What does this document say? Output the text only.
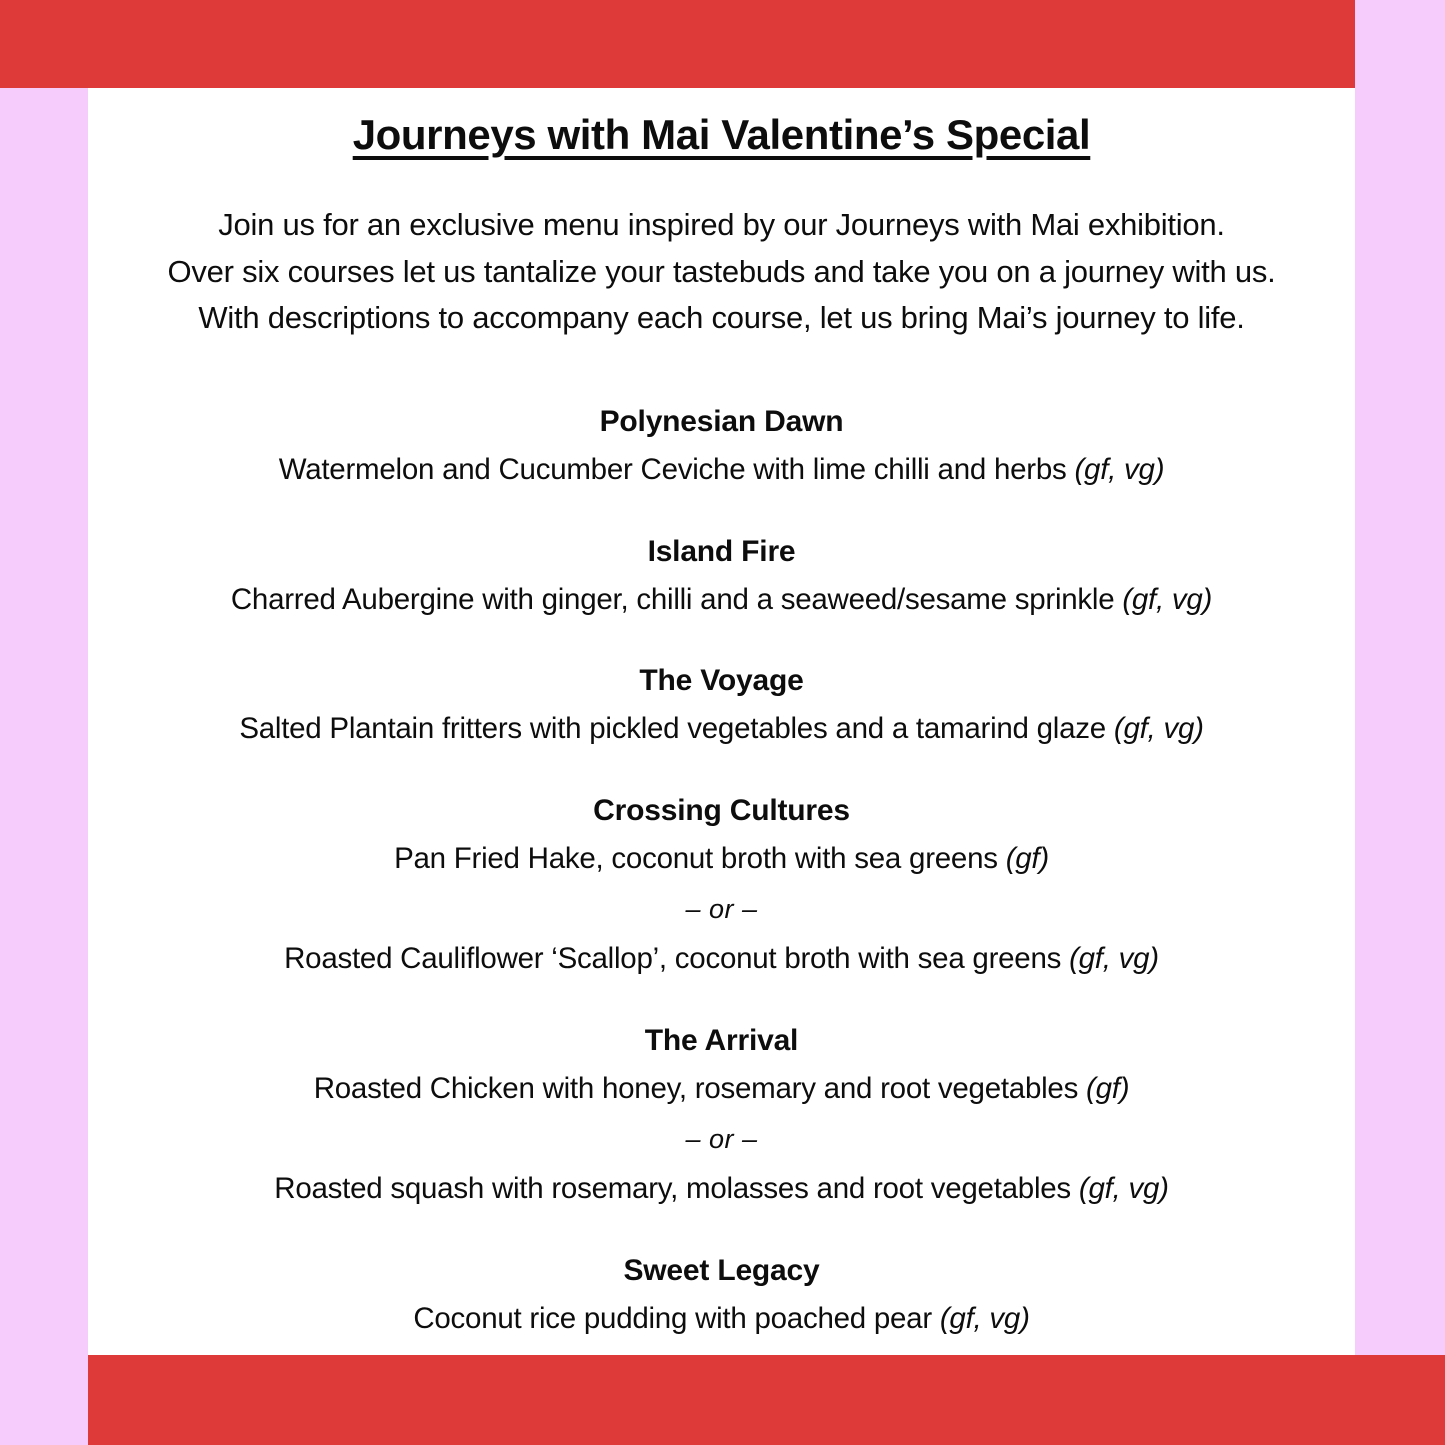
Journeys with Mai Valentine’s Special
Join us for an exclusive menu inspired by our Journeys with Mai exhibition.
Over six courses let us tantalize your tastebuds and take you on a journey with us.
With descriptions to accompany each course, let us bring Mai’s journey to life.
Polynesian Dawn
Watermelon and Cucumber Ceviche with lime chilli and herbs (gf, vg)
Island Fire
Charred Aubergine with ginger, chilli and a seaweed/sesame sprinkle (gf, vg)
The Voyage
Salted Plantain fritters with pickled vegetables and a tamarind glaze (gf, vg)
Crossing Cultures
Pan Fried Hake, coconut broth with sea greens (gf)
– or –
Roasted Cauliflower ‘Scallop’, coconut broth with sea greens (gf, vg)
The Arrival
Roasted Chicken with honey, rosemary and root vegetables (gf)
– or –
Roasted squash with rosemary, molasses and root vegetables (gf, vg)
Sweet Legacy
Coconut rice pudding with poached pear (gf, vg)
